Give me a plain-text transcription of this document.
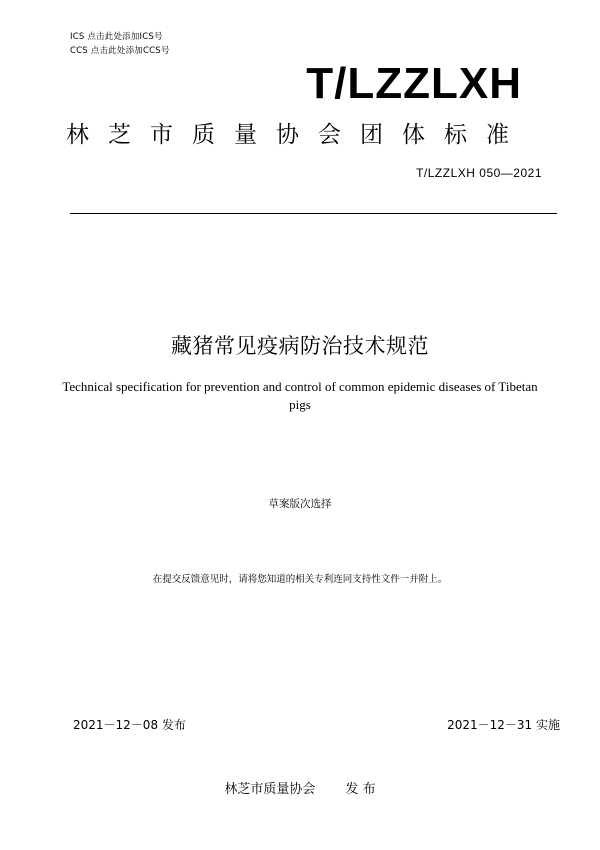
ICS 点击此处添加ICS号
CCS 点击此处添加CCS号
T/LZZLXH
林芝市质量协会团体标准
T/LZZLXH 050—2021
藏猪常见疫病防治技术规范
Technical specification for prevention and control of common epidemic diseases of Tibetan pigs
草案版次选择
在提交反馈意见时，请将您知道的相关专利连同支持性文件一并附上。
2021－12－08 发布	2021－12－31 实施
林芝市质量协会 发 布
